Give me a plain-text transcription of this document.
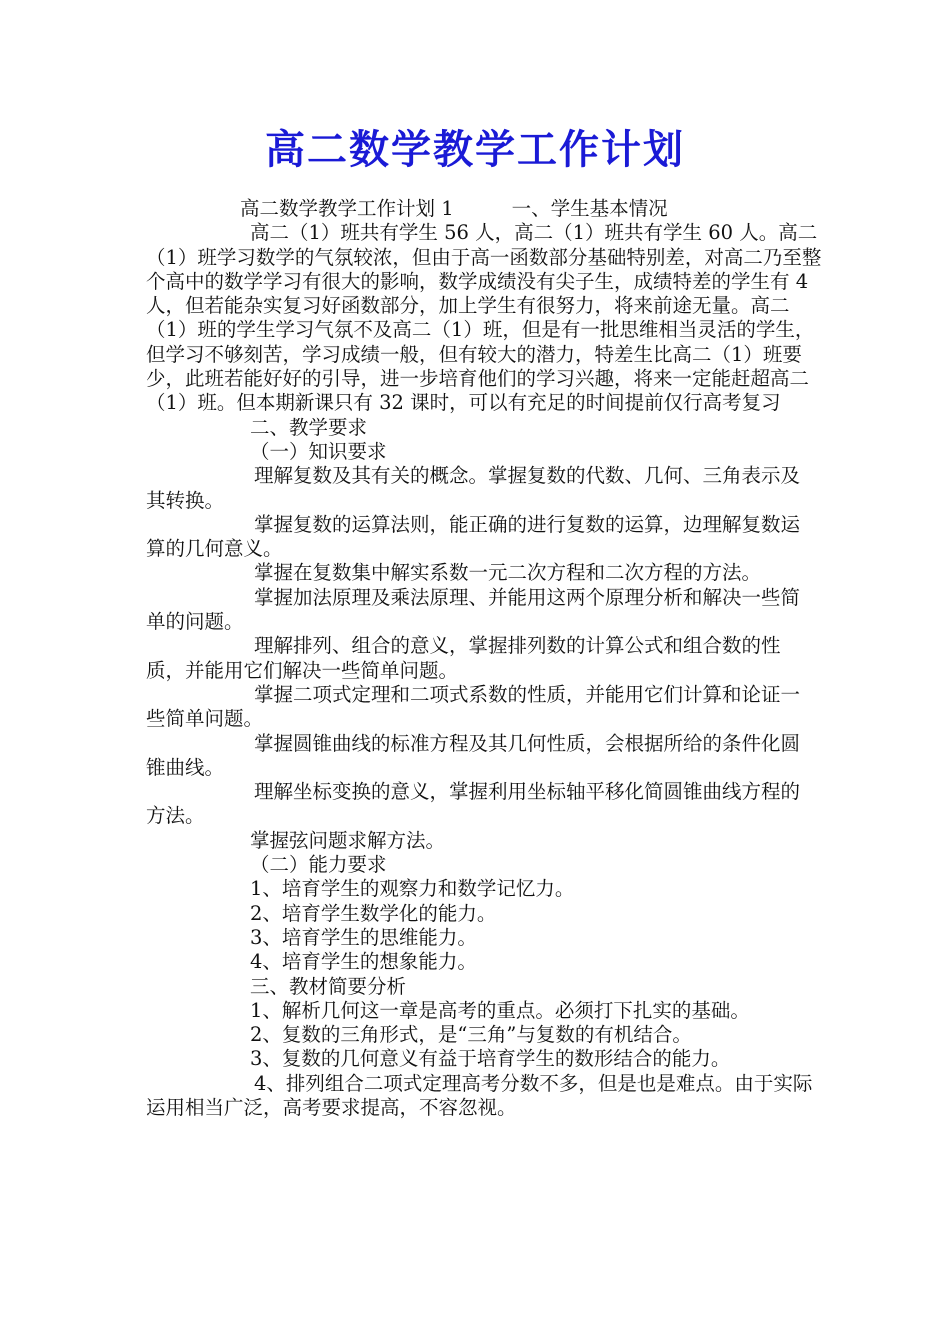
高二数学教学工作计划
高二数学教学工作计划 1	一、学生基本情况
高二（1）班共有学生 56 人，高二（1）班共有学生 60 人。高二（1）班学习数学的气氛较浓，但由于高一函数部分基础特别差，对高二乃至整个高中的数学学习有很大的影响，数学成绩没有尖子生，成绩特差的学生有 4 人，但若能杂实复习好函数部分，加上学生有很努力，将来前途无量。高二（1）班的学生学习气氛不及高二（1）班，但是有一批思维相当灵活的学生，但学习不够刻苦，学习成绩一般，但有较大的潜力，特差生比高二（1）班要少，此班若能好好的引导，进一步培育他们的学习兴趣，将来一定能赶超高二（1）班。但本期新课只有 32 课时，可以有充足的时间提前仅行高考复习
二、教学要求
（一）知识要求
理解复数及其有关的概念。掌握复数的代数、几何、三角表示及其转换。
掌握复数的运算法则，能正确的进行复数的运算，边理解复数运算的几何意义。
掌握在复数集中解实系数一元二次方程和二次方程的方法。
掌握加法原理及乘法原理、并能用这两个原理分析和解决一些简单的问题。
理解排列、组合的意义，掌握排列数的计算公式和组合数的性质，并能用它们解决一些简单问题。
掌握二项式定理和二项式系数的性质，并能用它们计算和论证一些简单问题。
掌握圆锥曲线的标准方程及其几何性质，会根据所给的条件化圆锥曲线。
理解坐标变换的意义，掌握利用坐标轴平移化简圆锥曲线方程的方法。
掌握弦问题求解方法。
（二）能力要求
1、培育学生的观察力和数学记忆力。
2、培育学生数学化的能力。
3、培育学生的思维能力。
4、培育学生的想象能力。
三、教材简要分析
1、解析几何这一章是高考的重点。必须打下扎实的基础。
2、复数的三角形式，是“三角”与复数的有机结合。
3、复数的几何意义有益于培育学生的数形结合的能力。
4、排列组合二项式定理高考分数不多，但是也是难点。由于实际运用相当广泛，高考要求提高，不容忽视。
